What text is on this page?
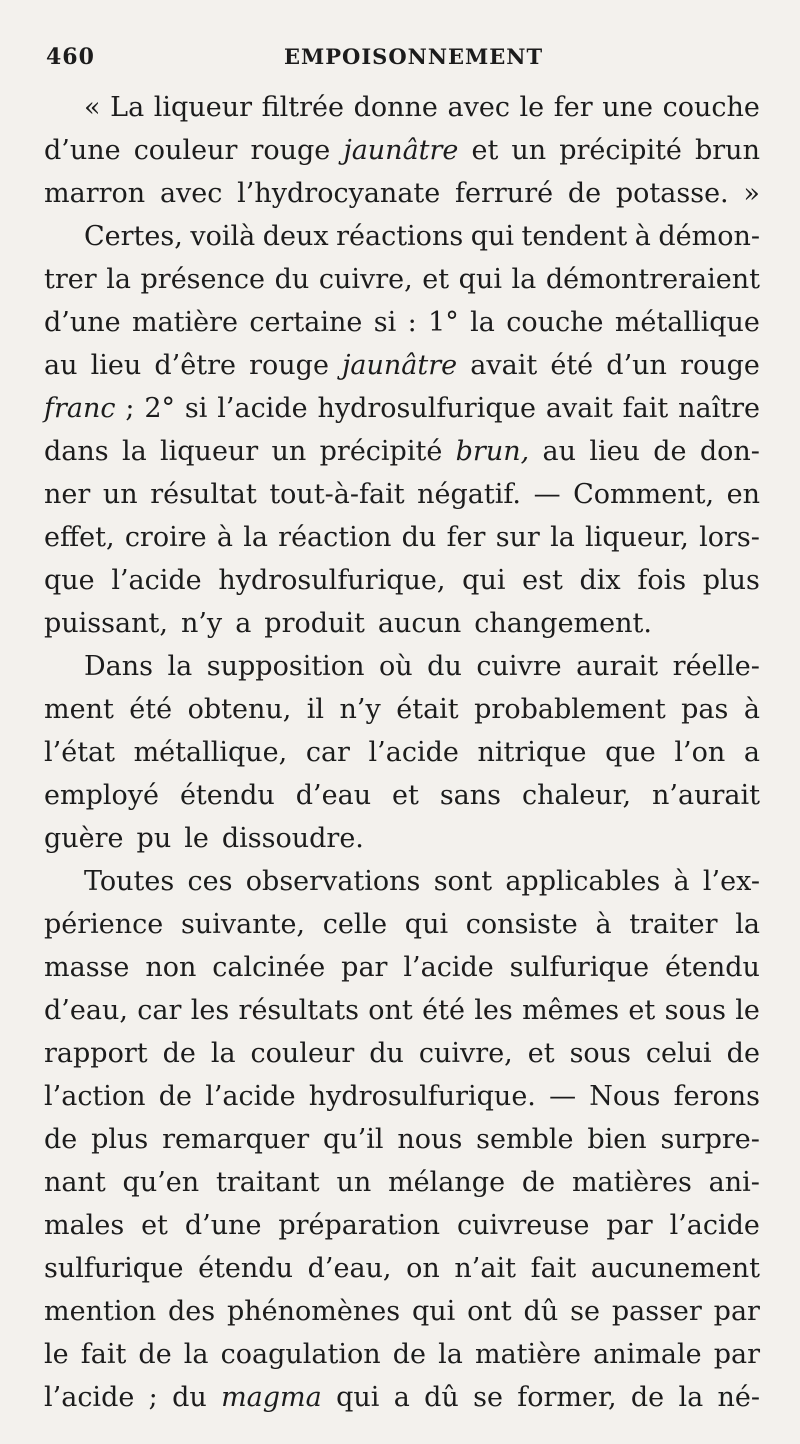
460	EMPOISONNEMENT
« La liqueur filtrée donne avec le fer une couche
d’une couleur rouge jaunâtre et un précipité brun
marron avec l’hydrocyanate ferruré de potasse. »
Certes, voilà deux réactions qui tendent à démon-
trer la présence du cuivre, et qui la démontreraient
d’une matière certaine si : 1° la couche métallique
au lieu d’être rouge jaunâtre avait été d’un rouge
franc ; 2° si l’acide hydrosulfurique avait fait naître
dans la liqueur un précipité brun, au lieu de don-
ner un résultat tout-à-fait négatif. — Comment, en
effet, croire à la réaction du fer sur la liqueur, lors-
que l’acide hydrosulfurique, qui est dix fois plus
puissant, n’y a produit aucun changement.
Dans la supposition où du cuivre aurait réelle-
ment été obtenu, il n’y était probablement pas à
l’état métallique, car l’acide nitrique que l’on a
employé étendu d’eau et sans chaleur, n’aurait
guère pu le dissoudre.
Toutes ces observations sont applicables à l’ex-
périence suivante, celle qui consiste à traiter la
masse non calcinée par l’acide sulfurique étendu
d’eau, car les résultats ont été les mêmes et sous le
rapport de la couleur du cuivre, et sous celui de
l’action de l’acide hydrosulfurique. — Nous ferons
de plus remarquer qu’il nous semble bien surpre-
nant qu’en traitant un mélange de matières ani-
males et d’une préparation cuivreuse par l’acide
sulfurique étendu d’eau, on n’ait fait aucunement
mention des phénomènes qui ont dû se passer par
le fait de la coagulation de la matière animale par
l’acide ; du magma qui a dû se former, de la né-
